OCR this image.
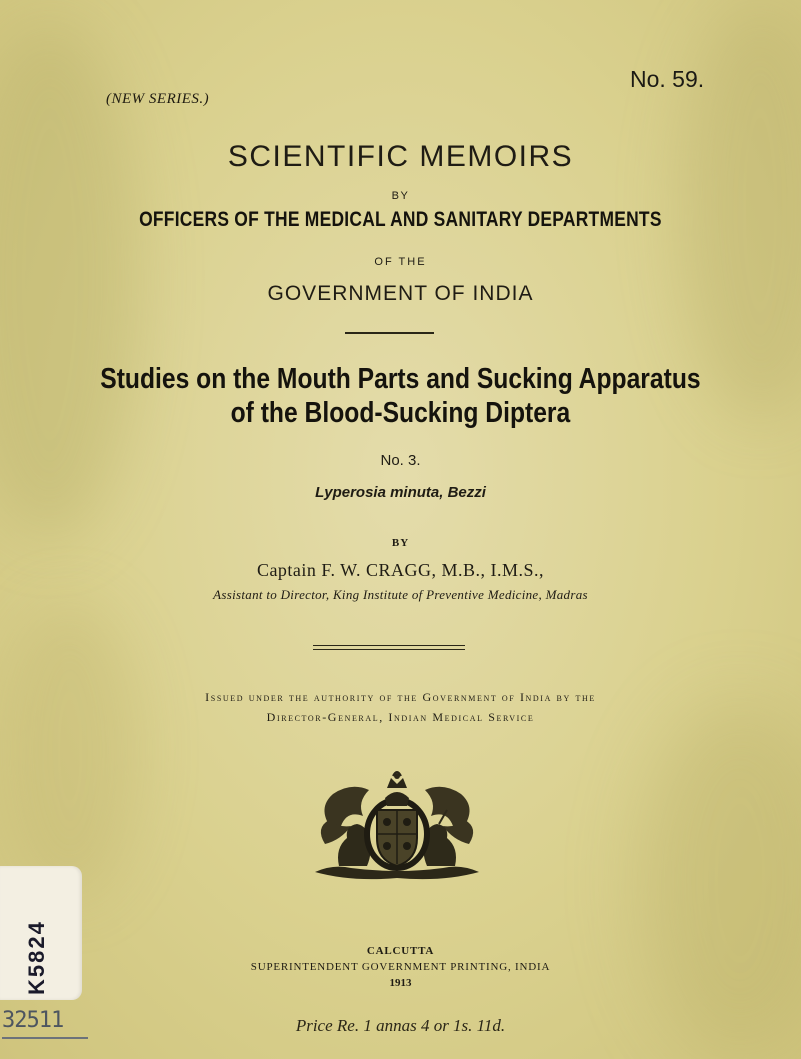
(NEW SERIES.)
No. 59.
SCIENTIFIC MEMOIRS
BY
OFFICERS OF THE MEDICAL AND SANITARY DEPARTMENTS
OF THE
GOVERNMENT OF INDIA
Studies on the Mouth Parts and Sucking Apparatus
of the Blood-Sucking Diptera
No. 3.
Lyperosia minuta, Bezzi
BY
Captain F. W. CRAGG, M.B., I.M.S.,
Assistant to Director, King Institute of Preventive Medicine, Madras
Issued under the authority of the Government of India by the
Director-General, Indian Medical Service
CALCUTTA
SUPERINTENDENT GOVERNMENT PRINTING, INDIA
1913
Price Re. 1 annas 4 or 1s. 11d.
K5824
32511
